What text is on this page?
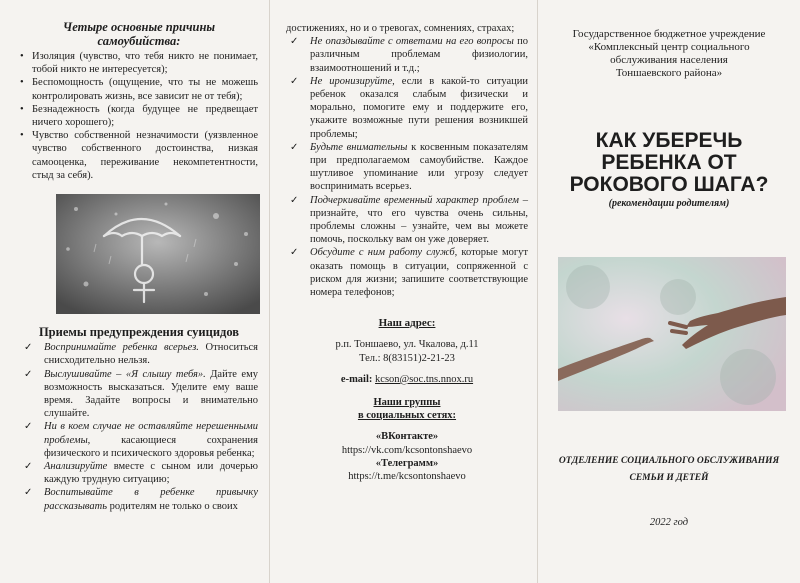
Четыре основные причины самоубийства:
• Изоляция (чувство, что тебя никто не понимает, тобой никто не интересуется);
• Беспомощность (ощущение, что ты не можешь контролировать жизнь, все зависит не от тебя);
• Безнадежность (когда будущее не предвещает ничего хорошего);
• Чувство собственной незначимости (уязвленное чувство собственного достоинства, низкая самооценка, переживание некомпетентности, стыд за себя).
Приемы предупреждения суицидов
✓ Воспринимайте ребенка всерьез. Относиться снисходительно нельзя.
✓ Выслушивайте – «Я слышу тебя». Дайте ему возможность высказаться. Уделите ему ваше время. Задайте вопросы и внимательно слушайте.
✓ Ни в коем случае не оставляйте нерешенными проблемы, касающиеся сохранения физического и психического здоровья ребенка;
✓ Анализируйте вместе с сыном или дочерью каждую трудную ситуацию;
✓ Воспитывайте в ребенке привычку рассказывать родителям не только о своих

достижениях, но и о тревогах, сомнениях, страхах;

✓ Не опаздывайте с ответами на его вопросы по различным проблемам физиологии, взаимоотношений и т.д.;

✓ Не иронизируйте, если в какой-то ситуации ребенок оказался слабым физически и морально, помогите ему и поддержите его, укажите возможные пути решения возникшей проблемы;

✓ Будьте внимательны к косвенным показателям при предполагаемом самоубийстве. Каждое шутливое упоминание или угрозу следует воспринимать всерьез.

✓ Подчеркивайте временный характер проблем – признайте, что его чувства очень сильны, проблемы сложны – узнайте, чем вы можете помочь, поскольку вам он уже доверяет.

✓ Обсудите с ним работу служб, которые могут оказать помощь в ситуации, сопряженной с риском для жизни; запишите соответствующие номера телефонов;

Наш адрес:
р.п. Тоншаево, ул. Чкалова, д.11
Тел.: 8(83151)2-21-23
e-mail: kcson@soc.tns.nnox.ru
Наши группы
в социальных сетях:
«ВКонтакте»
https://vk.com/kcsontonshaevo
«Телеграмм»
https://t.me/kcsontonshaevo
Государственное бюджетное учреждение
«Комплексный центр социального
обслуживания населения
Тоншаевского района»
КАК УБЕРЕЧЬ
РЕБЕНКА ОТ
РОКОВОГО ШАГА?
(рекомендации родителям)
ОТДЕЛЕНИЕ СОЦИАЛЬНОГО ОБСЛУЖИВАНИЯ
СЕМЬИ И ДЕТЕЙ
2022 год
